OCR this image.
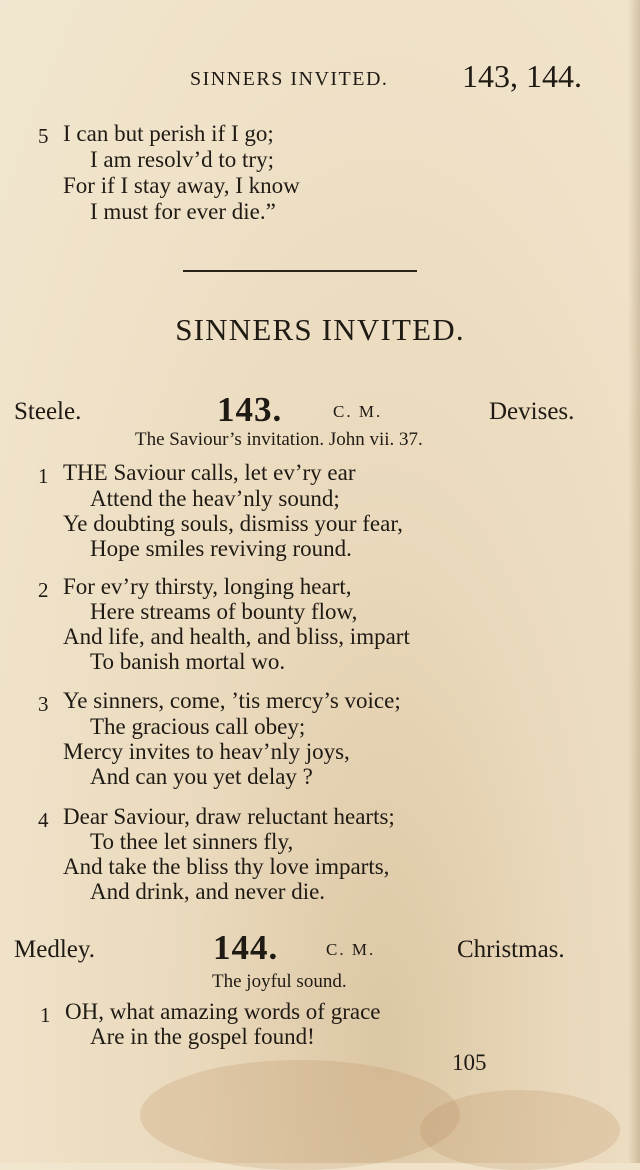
SINNERS INVITED. 143, 144.
5 I can but perish if I go;
I am resolv’d to try;
For if I stay away, I know
I must for ever die.”
SINNERS INVITED.
Steele.	143.	C. M.	Devises.
The Saviour’s invitation. John vii. 37.
1 THE Saviour calls, let ev’ry ear
Attend the heav’nly sound;
Ye doubting souls, dismiss your fear,
Hope smiles reviving round.
2 For ev’ry thirsty, longing heart,
Here streams of bounty flow,
And life, and health, and bliss, impart
To banish mortal wo.
3 Ye sinners, come, ’tis mercy’s voice;
The gracious call obey;
Mercy invites to heav’nly joys,
And can you yet delay ?
4 Dear Saviour, draw reluctant hearts;
To thee let sinners fly,
And take the bliss thy love imparts,
And drink, and never die.
Medley.	144.	C. M.	Christmas.
The joyful sound.
1 OH, what amazing words of grace
Are in the gospel found!
105
